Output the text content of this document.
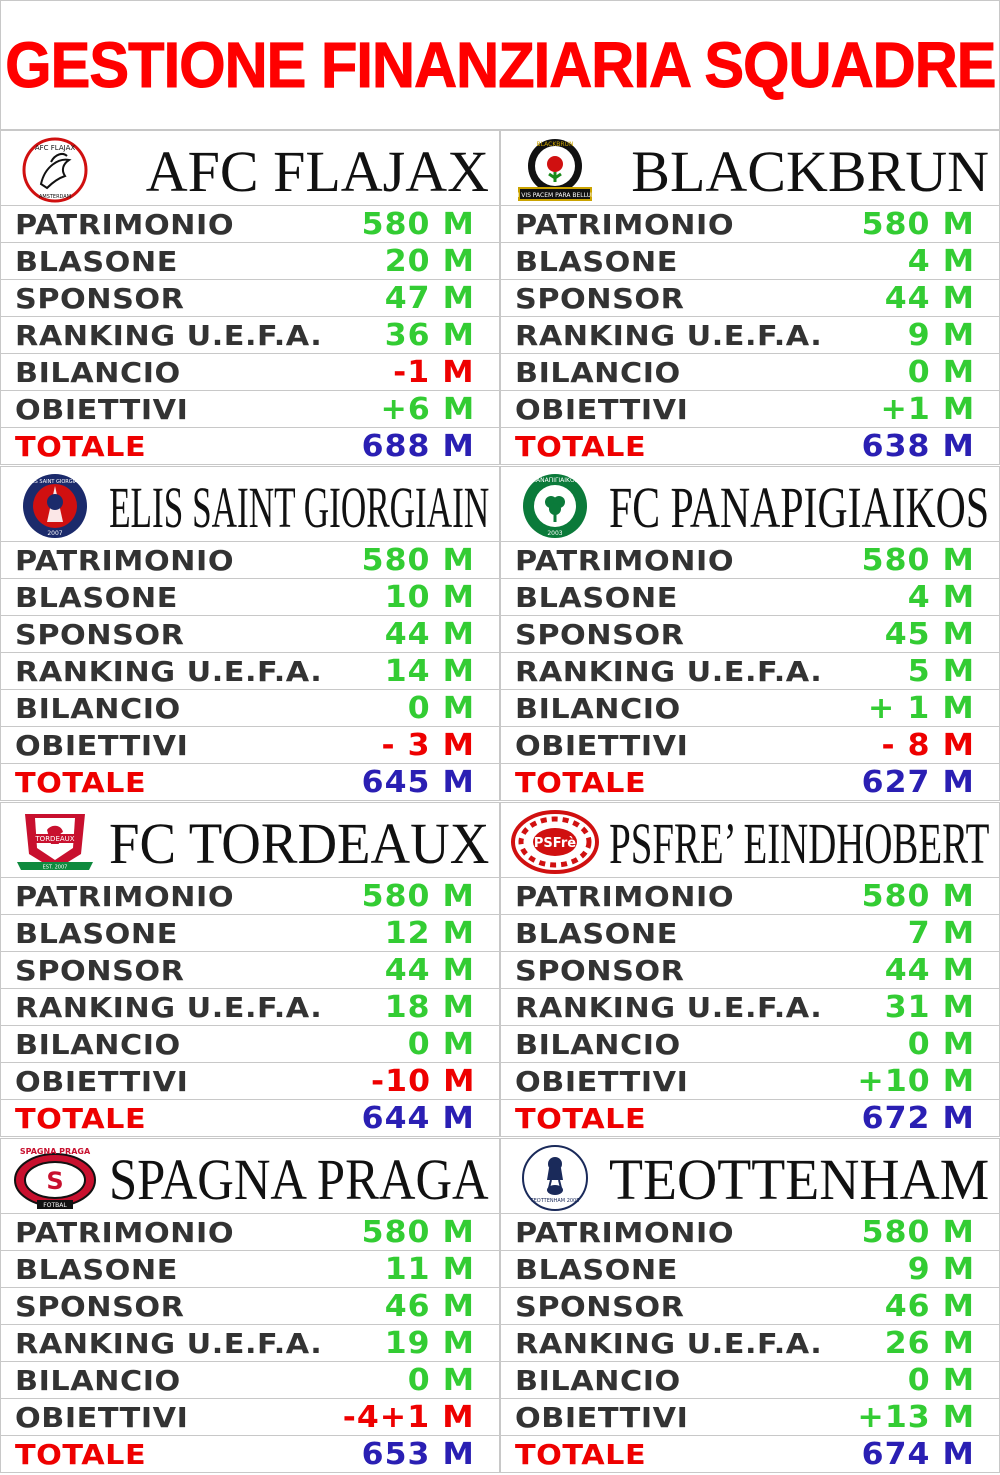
GESTIONE FINANZIARIA SQUADRE
AFC FLAJAX
AMSTERDAM AFC FLAJAX
PATRIMONIO	580 M
BLASONE	20 M
SPONSOR	47 M
RANKING U.E.F.A. 36 M
BILANCIO	-1 M
OBIETTIVI	+6 M
TOTALE	688 M
SI VIS PACEM PARA BELLUM
BLACKBRUN BLACKBRUN
PATRIMONIO	580 M
BLASONE	4 M
SPONSOR	44 M
RANKING U.E.F.A.	9 M
BILANCIO	0 M
OBIETTIVI	+1 M
TOTALE	638 M
ELIS SAINT GIORGIAIN
2007 ELIS SAINT GIORGIAIN
PATRIMONIO	580 M
BLASONE	10 M
SPONSOR	44 M
RANKING U.E.F.A. 14 M
BILANCIO	0 M
OBIETTIVI	- 3 M
TOTALE	645 M
ΠΑΝΑΠΙΓΙΑΙΚΟΣ
2003 FC PANAPIGIAIKOS
PATRIMONIO	580 M
BLASONE	4 M
SPONSOR	45 M
RANKING U.E.F.A.	5 M
BILANCIO	+ 1 M
OBIETTIVI	- 8 M
TOTALE	627 M
TORDEAUX
EST. 2007 FC TORDEAUX
PATRIMONIO	580 M
BLASONE	12 M
SPONSOR	44 M
RANKING U.E.F.A. 18 M
BILANCIO	0 M
OBIETTIVI	-10 M
TOTALE	644 M
PSFrè PSFRE’ EINDHOBERT
PATRIMONIO	580 M
BLASONE	7 M
SPONSOR	44 M
RANKING U.E.F.A. 31 M
BILANCIO	0 M
OBIETTIVI	+10 M
TOTALE	672 M
S
SPAGNA PRAGA
FOTBAL SPAGNA PRAGA
PATRIMONIO	580 M
BLASONE	11 M
SPONSOR	46 M
RANKING U.E.F.A. 19 M
BILANCIO	0 M
OBIETTIVI	-4+1 M
TOTALE	653 M
TEOTTENHAM 2005 TEOTTENHAM
PATRIMONIO	580 M
BLASONE	9 M
SPONSOR	46 M
RANKING U.E.F.A. 26 M
BILANCIO	0 M
OBIETTIVI	+13 M
TOTALE	674 M
